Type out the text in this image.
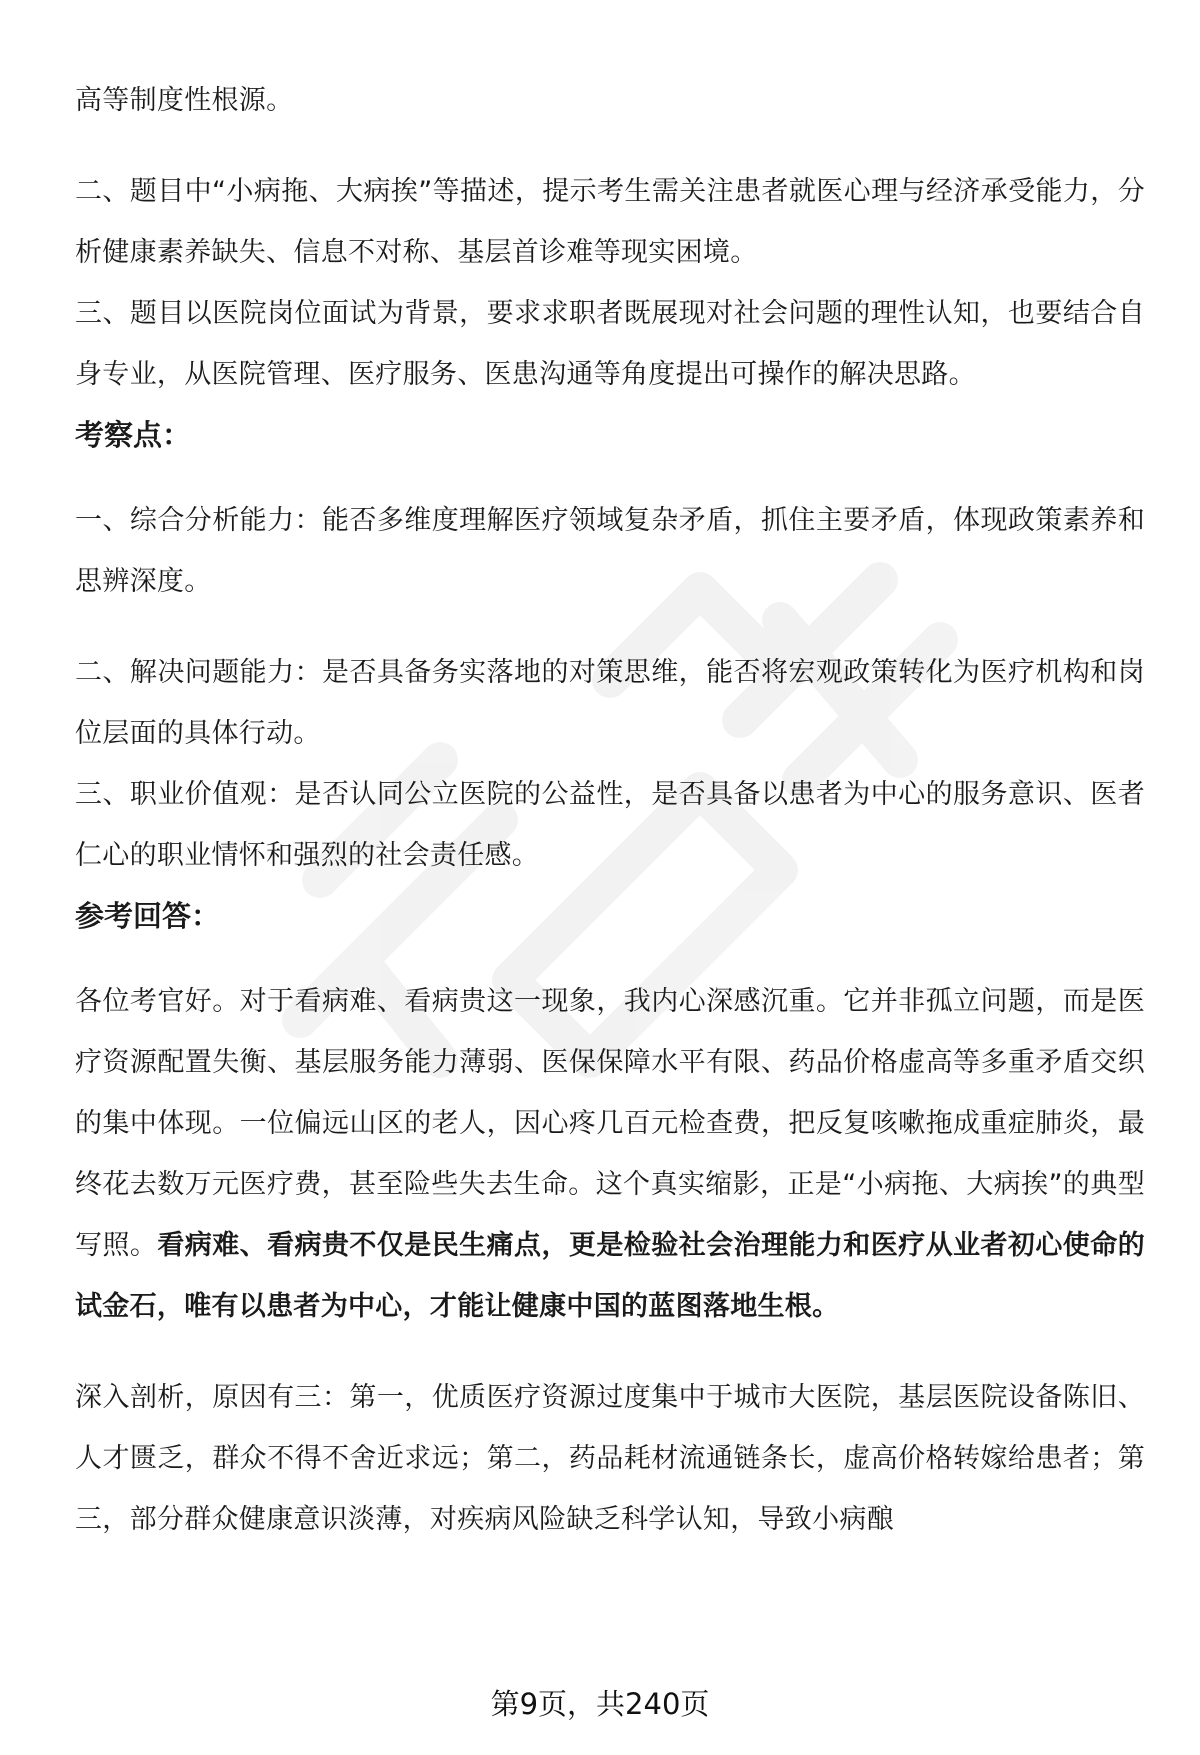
高等制度性根源。

二、题目中“小病拖、大病挨”等描述，提示考生需关注患者就医心理与经济承受能力，分析健康素养缺失、信息不对称、基层首诊难等现实困境。

三、题目以医院岗位面试为背景，要求求职者既展现对社会问题的理性认知，也要结合自身专业，从医院管理、医疗服务、医患沟通等角度提出可操作的解决思路。

考察点：

一、综合分析能力：能否多维度理解医疗领域复杂矛盾，抓住主要矛盾，体现政策素养和思辨深度。

二、解决问题能力：是否具备务实落地的对策思维，能否将宏观政策转化为医疗机构和岗位层面的具体行动。

三、职业价值观：是否认同公立医院的公益性，是否具备以患者为中心的服务意识、医者仁心的职业情怀和强烈的社会责任感。

参考回答：

各位考官好。对于看病难、看病贵这一现象，我内心深感沉重。它并非孤立问题，而是医疗资源配置失衡、基层服务能力薄弱、医保保障水平有限、药品价格虚高等多重矛盾交织的集中体现。一位偏远山区的老人，因心疼几百元检查费，把反复咳嗽拖成重症肺炎，最终花去数万元医疗费，甚至险些失去生命。这个真实缩影，正是“小病拖、大病挨”的典型写照。看病难、看病贵不仅是民生痛点，更是检验社会治理能力和医疗从业者初心使命的试金石，唯有以患者为中心，才能让健康中国的蓝图落地生根。

深入剖析，原因有三：第一，优质医疗资源过度集中于城市大医院，基层医院设备陈旧、人才匮乏，群众不得不舍近求远；第二，药品耗材流通链条长，虚高价格转嫁给患者；第三，部分群众健康意识淡薄，对疾病风险缺乏科学认知，导致小病酿

第9页，共240页
